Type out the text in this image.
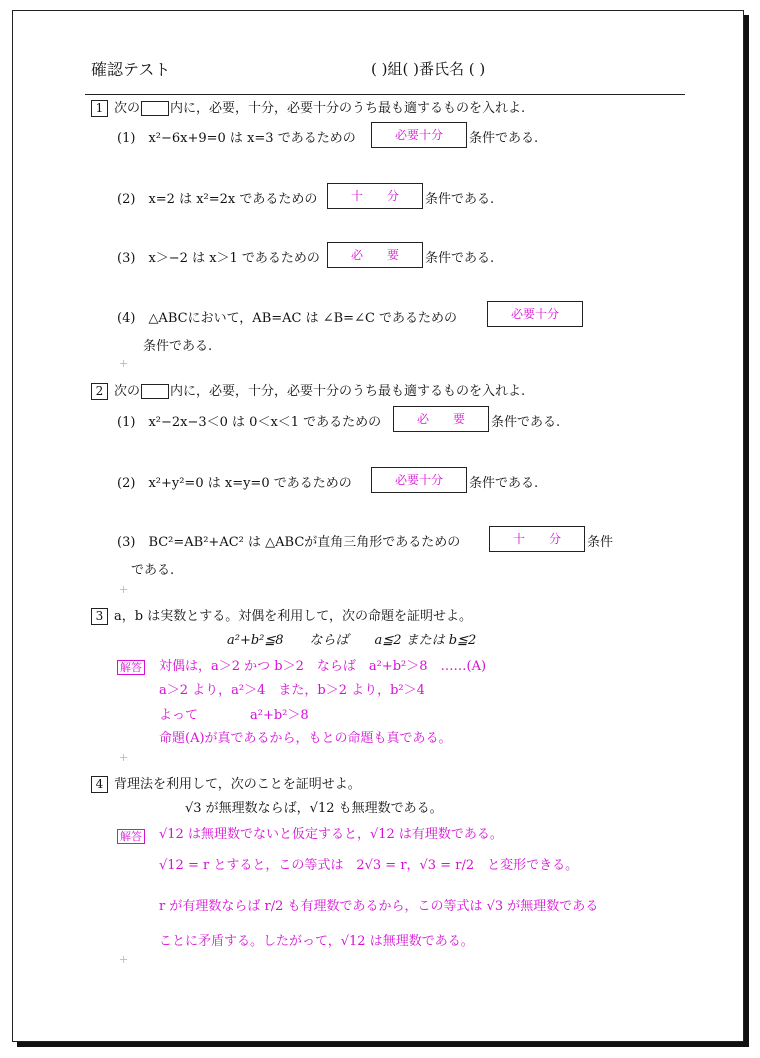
確認テスト	( )組( )番氏名 ( )
1 次の 内に，必要，十分，必要十分のうち最も適するものを入れよ.
(1)　 x²−6x+9=0 は x=3 であるための	必要十分	条件である.
(2)　 x=2 は x²=2x であるための	十　　分	条件である.
(3)　 x＞−2 は x＞1 であるための	必　　要	条件である.
(4)　 △ABCにおいて，AB=AC は ∠B=∠C であるための	必要十分
条件である.
+
2 次の 内に，必要，十分，必要十分のうち最も適するものを入れよ.
(1)　 x²−2x−3＜0 は 0＜x＜1 であるための	必　　要	条件である.
(2)　 x²+y²=0 は x=y=0 であるための	必要十分	条件である.
(3)　 BC²=AB²+AC² は △ABCが直角三角形であるための	十　　分	条件
である.
+
3 a，b は実数とする。対偶を利用して，次の命題を証明せよ。
a²+b²≦8　　ならば　　a≦2 または b≦2
解答 対偶は，a＞2 かつ b＞2　ならば　a²+b²＞8　……(A)
a＞2 より，a²＞4　また，b＞2 より，b²＞4
よって　　　　a²+b²＞8
命題(A)が真であるから，もとの命題も真である。
+
4 背理法を利用して，次のことを証明せよ。
√3 が無理数ならば，√12 も無理数である。
解答 √12 は無理数でないと仮定すると，√12 は有理数である。
√12 = r とすると，この等式は　2√3 = r，√3 = r/2　と変形できる。
r が有理数ならば r/2 も有理数であるから，この等式は √3 が無理数である
ことに矛盾する。したがって，√12 は無理数である。
+
